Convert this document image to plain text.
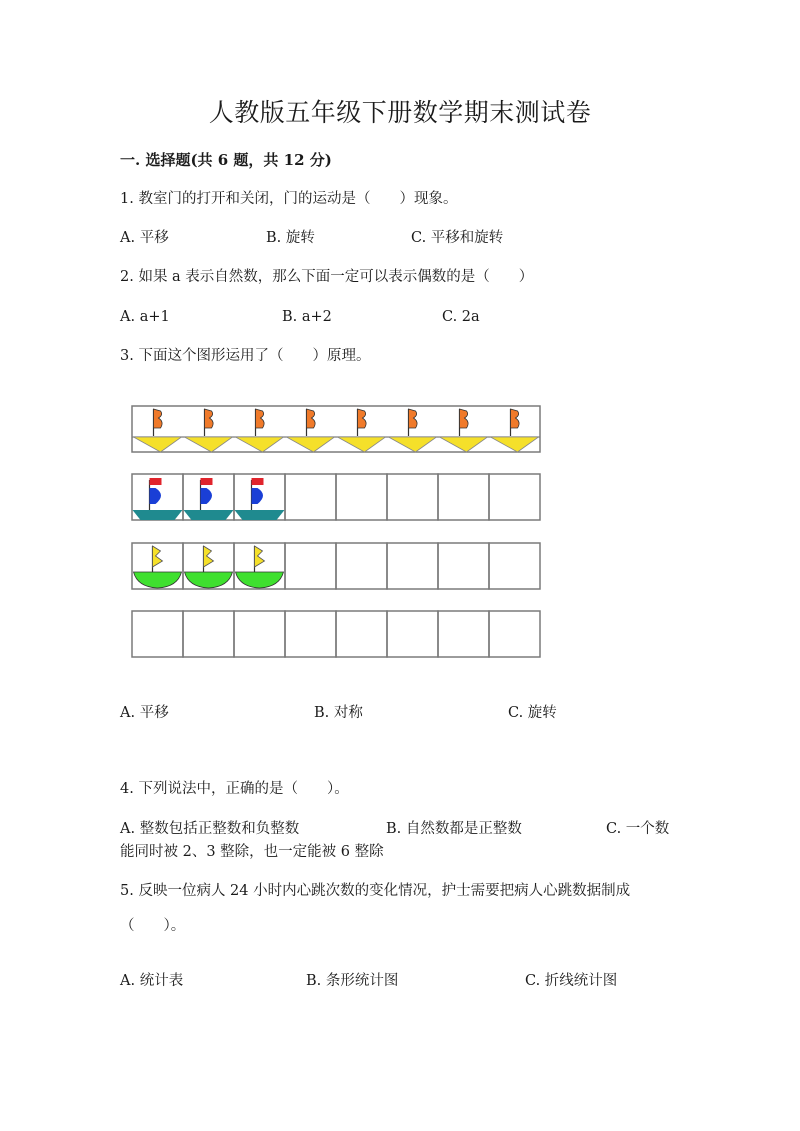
人教版五年级下册数学期末测试卷
一. 选择题(共 6 题，共 12 分)
1. 教室门的打开和关闭，门的运动是（　　）现象。
A. 平移	B. 旋转	C. 平移和旋转
2. 如果 a 表示自然数，那么下面一定可以表示偶数的是（　　）
A. a+1	B. a+2	C. 2a
3. 下面这个图形运用了（　　）原理。
A. 平移	B. 对称	C. 旋转
4. 下列说法中，正确的是（　　）。
A. 整数包括正整数和负整数	B. 自然数都是正整数	C. 一个数
能同时被 2、3 整除，也一定能被 6 整除
5. 反映一位病人 24 小时内心跳次数的变化情况，护士需要把病人心跳数据制成
（　　）。
A. 统计表	B. 条形统计图	C. 折线统计图
